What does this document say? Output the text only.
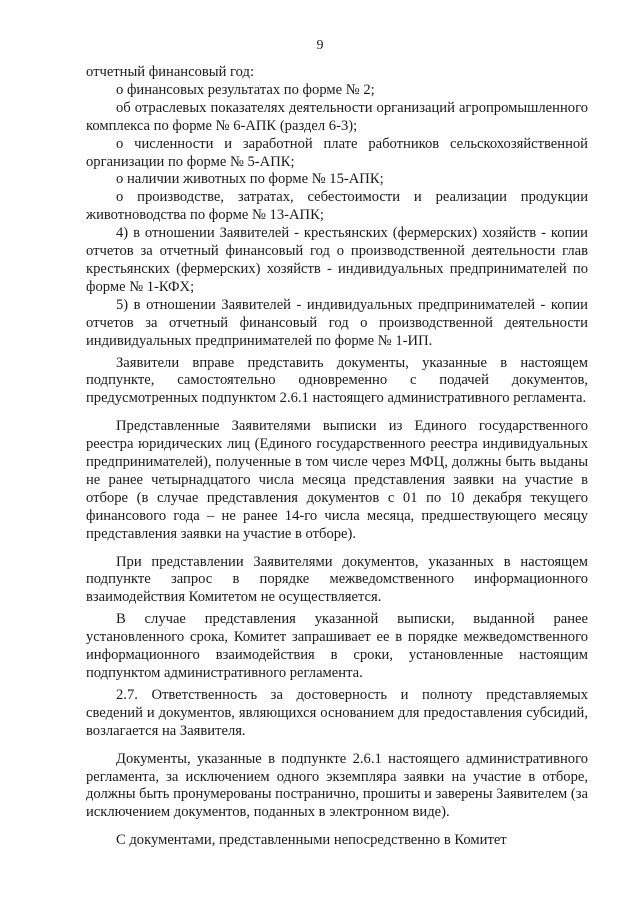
9

отчетный финансовый год:

о финансовых результатах по форме № 2;

об отраслевых показателях деятельности организаций агропромышленного комплекса по форме № 6-АПК (раздел 6-3);

о численности и заработной плате работников сельскохозяйственной организации по форме № 5-АПК;

о наличии животных по форме № 15-АПК;

о производстве, затратах, себестоимости и реализации продукции животноводства по форме № 13-АПК;

4) в отношении Заявителей - крестьянских (фермерских) хозяйств - копии отчетов за отчетный финансовый год о производственной деятельности глав крестьянских (фермерских) хозяйств - индивидуальных предпринимателей по форме № 1-КФХ;

5) в отношении Заявителей - индивидуальных предпринимателей - копии отчетов за отчетный финансовый год о производственной деятельности индивидуальных предпринимателей по форме № 1-ИП.

Заявители вправе представить документы, указанные в настоящем подпункте, самостоятельно одновременно с подачей документов, предусмотренных подпунктом 2.6.1 настоящего административного регламента.

Представленные Заявителями выписки из Единого государственного реестра юридических лиц (Единого государственного реестра индивидуальных предпринимателей), полученные в том числе через МФЦ, должны быть выданы не ранее четырнадцатого числа месяца представления заявки на участие в отборе (в случае представления документов с 01 по 10 декабря текущего финансового года – не ранее 14-го числа месяца, предшествующего месяцу представления заявки на участие в отборе).

При представлении Заявителями документов, указанных в настоящем подпункте запрос в порядке межведомственного информационного взаимодействия Комитетом не осуществляется.

В случае представления указанной выписки, выданной ранее установленного срока, Комитет запрашивает ее в порядке межведомственного информационного взаимодействия в сроки, установленные настоящим подпунктом административного регламента.

2.7. Ответственность за достоверность и полноту представляемых сведений и документов, являющихся основанием для предоставления субсидий, возлагается на Заявителя.

Документы, указанные в подпункте 2.6.1 настоящего административного регламента, за исключением одного экземпляра заявки на участие в отборе, должны быть пронумерованы постранично, прошиты и заверены Заявителем (за исключением документов, поданных в электронном виде).

С документами, представленными непосредственно в Комитет
